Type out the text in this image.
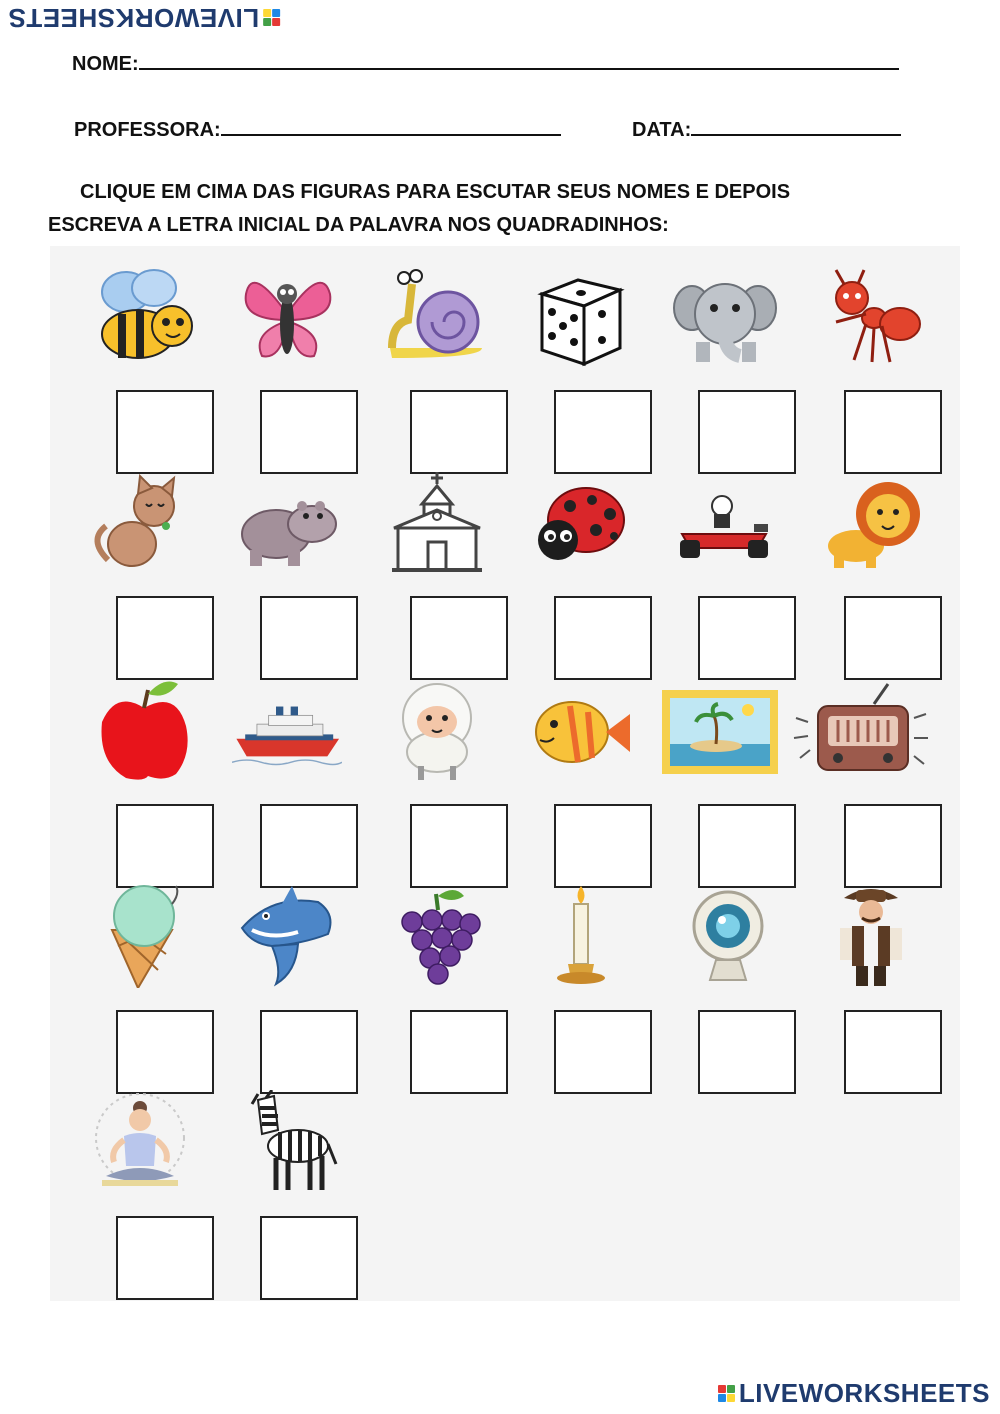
LIVEWORKSHEETS
NOME:
PROFESSORA:	DATA:
CLIQUE EM CIMA DAS FIGURAS PARA ESCUTAR SEUS NOMES E DEPOIS
ESCREVA A LETRA INICIAL DA PALAVRA NOS QUADRADINHOS:
LIVEWORKSHEETS
